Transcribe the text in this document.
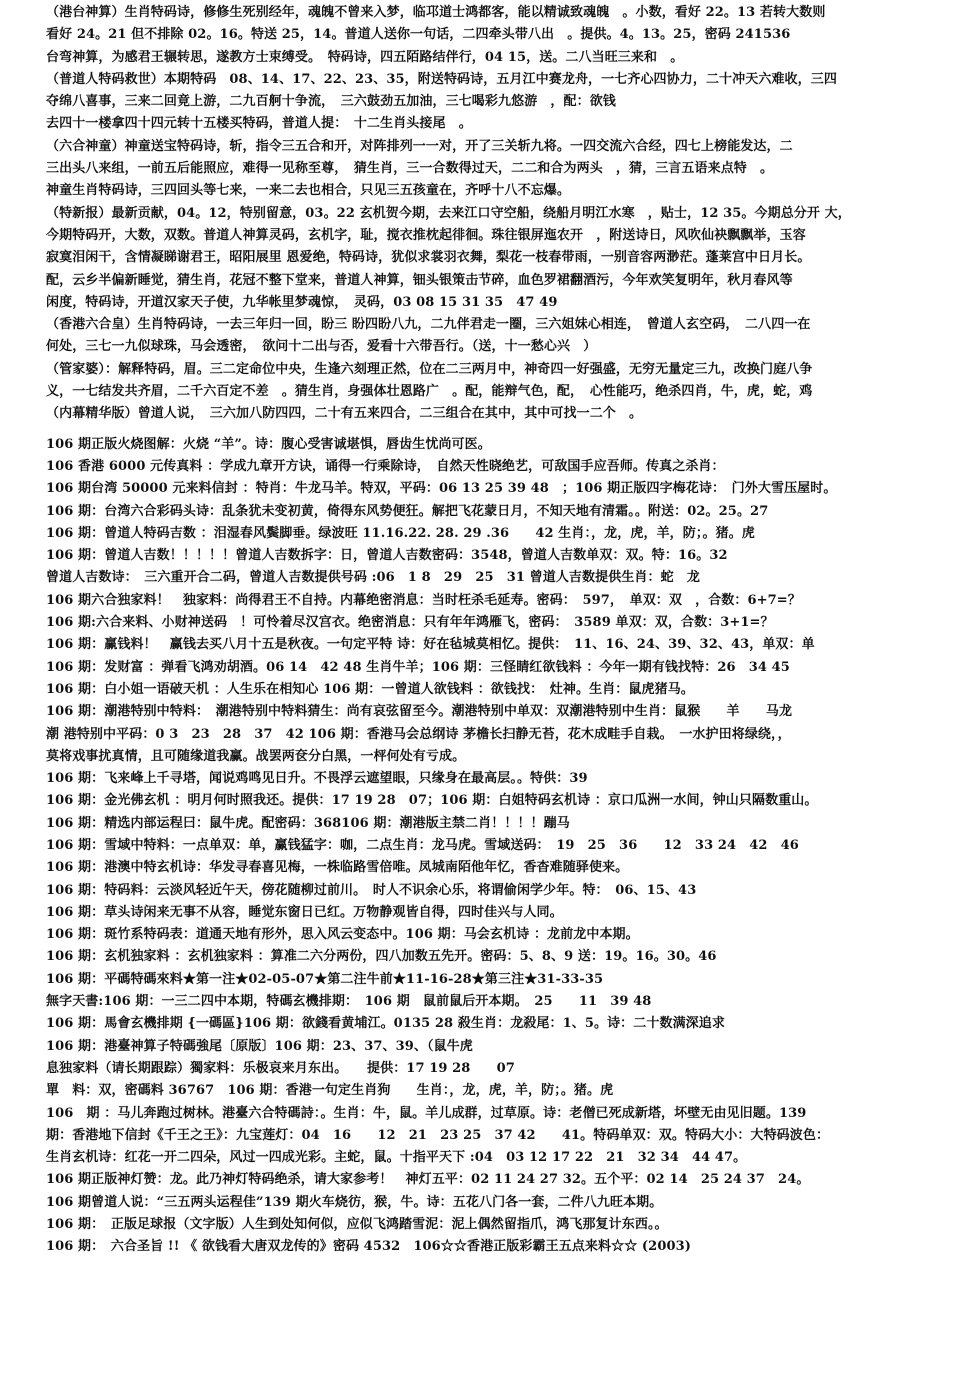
（港台神算）生肖特码诗，修修生死别经年，魂魄不曾来入梦，临邛道士鸿都客，能以精诚致魂魄　。小数，看好 22。13 若转大数则
看好 24。21 但不排除 02。16。特送 25，14。普道人送你一句话，二四牵头带八出　。提供。4。13。25，密码 241536
台弯神算，为感君王辗转思，遂教方士束缚受。　特码诗，四五陌路结伴行，04 15，送。二八当旺三来和　。
（普道人特码救世）本期特码　08、14、17、22、23、35，附送特码诗，五月江中赛龙舟，一七齐心四协力，二十冲天六难收，三四
夺绵八喜事，三来二回竟上游，二九百舸十争流，　三六鼓劲五加油，三七喝彩九悠游　，配：欲钱
去四十一楼拿四十四元转十五楼买特码，普道人提：　十二生肖头接尾　。
（六合神童）神童送宝特码诗，斩，指令三五合和开，对阵排列一一对，开了三关斩九将。一四交流六合经，四七上榜能发达，二
三出头八来组，一前五后能照应，难得一见称至尊，　猜生肖，三一合数得过天，二二和合为两头　，猜，三言五语来点特　。
神童生肖特码诗，三四回头等七来，一来二去也相合，只见三五孩童在，齐呼十八不忘爆。
（特新报）最新贡献，04。12，特别留意，03。22 玄机贺今期，去来江口守空船，绕船月明江水寒　，贴士，12 35。今期总分开 大，
今期特码开，大数，双数。普道人神算灵码，玄机字，耻，搅衣推枕起徘徊。珠往银屏迤农开　，附送诗日，风吹仙袂飘飘举，玉容
寂寞泪闲干，含情凝睇谢君王，昭阳展里 恩爱绝，特码诗，犹似求裳羽衣舞，梨花一枝春带雨，一别音容两渺茫。蓬莱宫中日月长。
配，云乡半偏新睡觉，猜生肖，花冠不整下堂来，普道人神算，钿头银策击节碎，血色罗裙翻酒污，今年欢笑复明年，秋月春风等
闲度，特码诗，开道汉家天子使，九华帐里梦魂惊，　灵码，03 08 15 31 35　47 49
（香港六合皇）生肖特码诗，一去三年归一回，盼三 盼四盼八九，二九伴君走一圈，三六姐妹心相连，　曾道人玄空码，　二八四一在
何处，三七一九似球珠，马会透密，　欲问十二出与否，爱看十六带吾行。（送，十一愁心兴　）
（管家婆）：解释特码，眉。三二定命位中央，生逢六刻理正然，位在二三两月中，神奇四一好强盛，无穷无量定三九，改换门庭八争
义，一七结发共齐眉，二千六百定不差　。猜生肖，身强体壮恩路广　。配，能辩气色，配，　心性能巧，绝杀四肖，牛，虎，蛇，鸡
（内幕精华版）曾道人说，　三六加八防四四，二十有五来四合，二三组合在其中，其中可找一二个　。
106 期正版火烧图解：火烧 “羊”。诗：腹心受害诚堪惧，唇齿生忧尚可医。
106 香港 6000 元传真料 ：学成九章开方诀，诵得一行乘除诗，　自然天性晓绝艺，可敌国手应吾师。传真之杀肖：
106 期台湾 50000 元来料信封 ：特肖：牛龙马羊。特双，平码：06 13 25 39 48　；106 期正版四字梅花诗：　门外大雪压屋时。
106 期：台湾六合彩码头诗：乱条犹未变初黄，倚得东风势便狂。解把飞花蒙日月，不知天地有清霜。。附送：02。25。27
106 期：曾道人特码吉数 ：泪湿春风鬓脚垂。绿波旺 11.16.22. 28. 29 .36　　42 生肖：，龙，虎，羊，防；。猪。虎
106 期：曾道人吉数！！！！！曾道人吉数拆字：日，曾道人吉数密码：3548，曾道人吉数单双：双。特：16。32
曾道人吉数诗：　三六重开合二码，曾道人吉数提供号码 :06　1 8　29　25　31 曾道人吉数提供生肖：蛇　龙
106 期六合独家料！　独家料：尚得君王不自持。内幕绝密消息：当时枉杀毛延寿。密码：　597，　单双：双　，合数：6+7=？
106 期:六合来料、小财神送码　！可怜着尽汉宫衣。绝密消息：只有年年鸿雁飞，密码：　3589 单双：双，合数：3+1=？
106 期：赢钱料！　赢钱去买八月十五是秋夜。一句定平特 诗：好在毡城莫相忆。提供：　11、16、24、39、32、43，单双：单
106 期：发财富 ：弹看飞鸿劝胡酒。06 14　42 48 生肖牛羊；106 期：三怪睛红欲钱料 ：今年一期有钱找特：26　34 45
106 期：白小姐一语破天机 ：人生乐在相知心 106 期：一曾道人欲钱料 ：欲钱找：　灶神。生肖：鼠虎猪马。
106 期：潮港特别中特料：　潮港特别中特料猜生：尚有哀弦留至今。潮港特别中单双：双潮港特别中生肖：鼠猴　　羊　　马龙
潮 港特别中平码：0 3　23　28　37　42 106 期：香港马会总纲诗 茅檐长扫静无苔，花木成畦手自栽。　一水护田将绿绕，，
莫将戏事扰真情，且可随缘道我赢。战罢两奁分白黑，一枰何处有亏成。
106 期：飞来峰上千寻塔，闻说鸡鸣见日升。不畏浮云遮望眼，只缘身在最高层。。特供：39
106 期：金光佛玄机 ：明月何时照我还。提供：17 19 28　07；106 期：白姐特码玄机诗 ：京口瓜洲一水间，钟山只隔数重山。
106 期：精选内部运程曰：鼠牛虎。配密码：368106 期：潮港版主禁二肖！！！！蹦马
106 期：雪域中特料：一点单双：单，赢钱猛字：咖，二点生肖：龙马虎。雪域送码：　19　25　36　　12　33 24　42　46
106 期：港澳中特玄机诗：华发寻春喜见梅，一株临路雪倍唯。凤城南陌他年忆，香杳难随驿使来。
106 期：特码料：云淡风轻近午天，傍花随柳过前川。　时人不识余心乐，将谓偷闲学少年。特：　06、15、43
106 期：草头诗闲来无事不从容，睡觉东窗日已红。万物静观皆自得，四时佳兴与人同。
106 期：斑竹系特码表：道通天地有形外，思入风云变态中。106 期：马会玄机诗 ：龙前龙中本期。
106 期：玄机独家料 ：玄机独家料 ：算准二六分两份，四八加数五先开。密码：5、8、9 送：19。16。30。46
106 期：平碼特碼來料★第一注★02-05-07★第二注牛前★11-16-28★第三注★31-33-35
無字天書:106 期：一三二四中本期，特碼玄機排期：　106 期　鼠前鼠后开本期。　25　　11　39 48
106 期：馬會玄機排期 {一碼區}106 期：欲錢看黄埔江。0135 28 殺生肖：龙殺尾：1、5。诗：二十数满深追求
106 期：港臺神算子特碼強尾〔原版〕106 期：23、37、39、（鼠牛虎
息独家料（请长期跟踪）獨家料：乐极哀来月东出。　　提供：17 19 28　　07
單　料：双，密碼料 36767　106 期：香港一句定生肖狗　　生肖：，龙，虎，羊，防；。猪。虎
106　期 ：马儿奔跑过树林。港臺六合特碼詩：。生肖：牛，鼠。羊儿成群，过草原。诗：老僧已死成新塔，坏壁无由见旧题。139
期：香港地下信封《千王之王》：九宝莲灯：04　16　　12　21　23 25　37 42　　41。特码单双：双。特码大小：大特码波色：
生肖玄机诗：红花一开二四朵，风过一四成光彩。主蛇，鼠。十指平天下 :04　03 12 17 22　21　32 34　44 47。
106 期正版神灯赞：龙。此乃神灯特码绝杀，请大家参考！　神灯五平：02 11 24 27 32。五个平：02 14　25 24 37　24。
106 期曾道人说：“三五两头运程佳”139 期火车烧彷，猴，牛。诗：五花八门各一套，二件八九旺本期。
106 期：　正版足球报（文字版）人生到处知何似，应似飞鸿踏雪泥：泥上偶然留指爪，鸿飞那复计东西。。
106 期：　六合圣旨 !! 《 欲钱看大唐双龙传的》密码 4532　106☆☆香港正版彩霸王五点来料☆☆ (2003)
